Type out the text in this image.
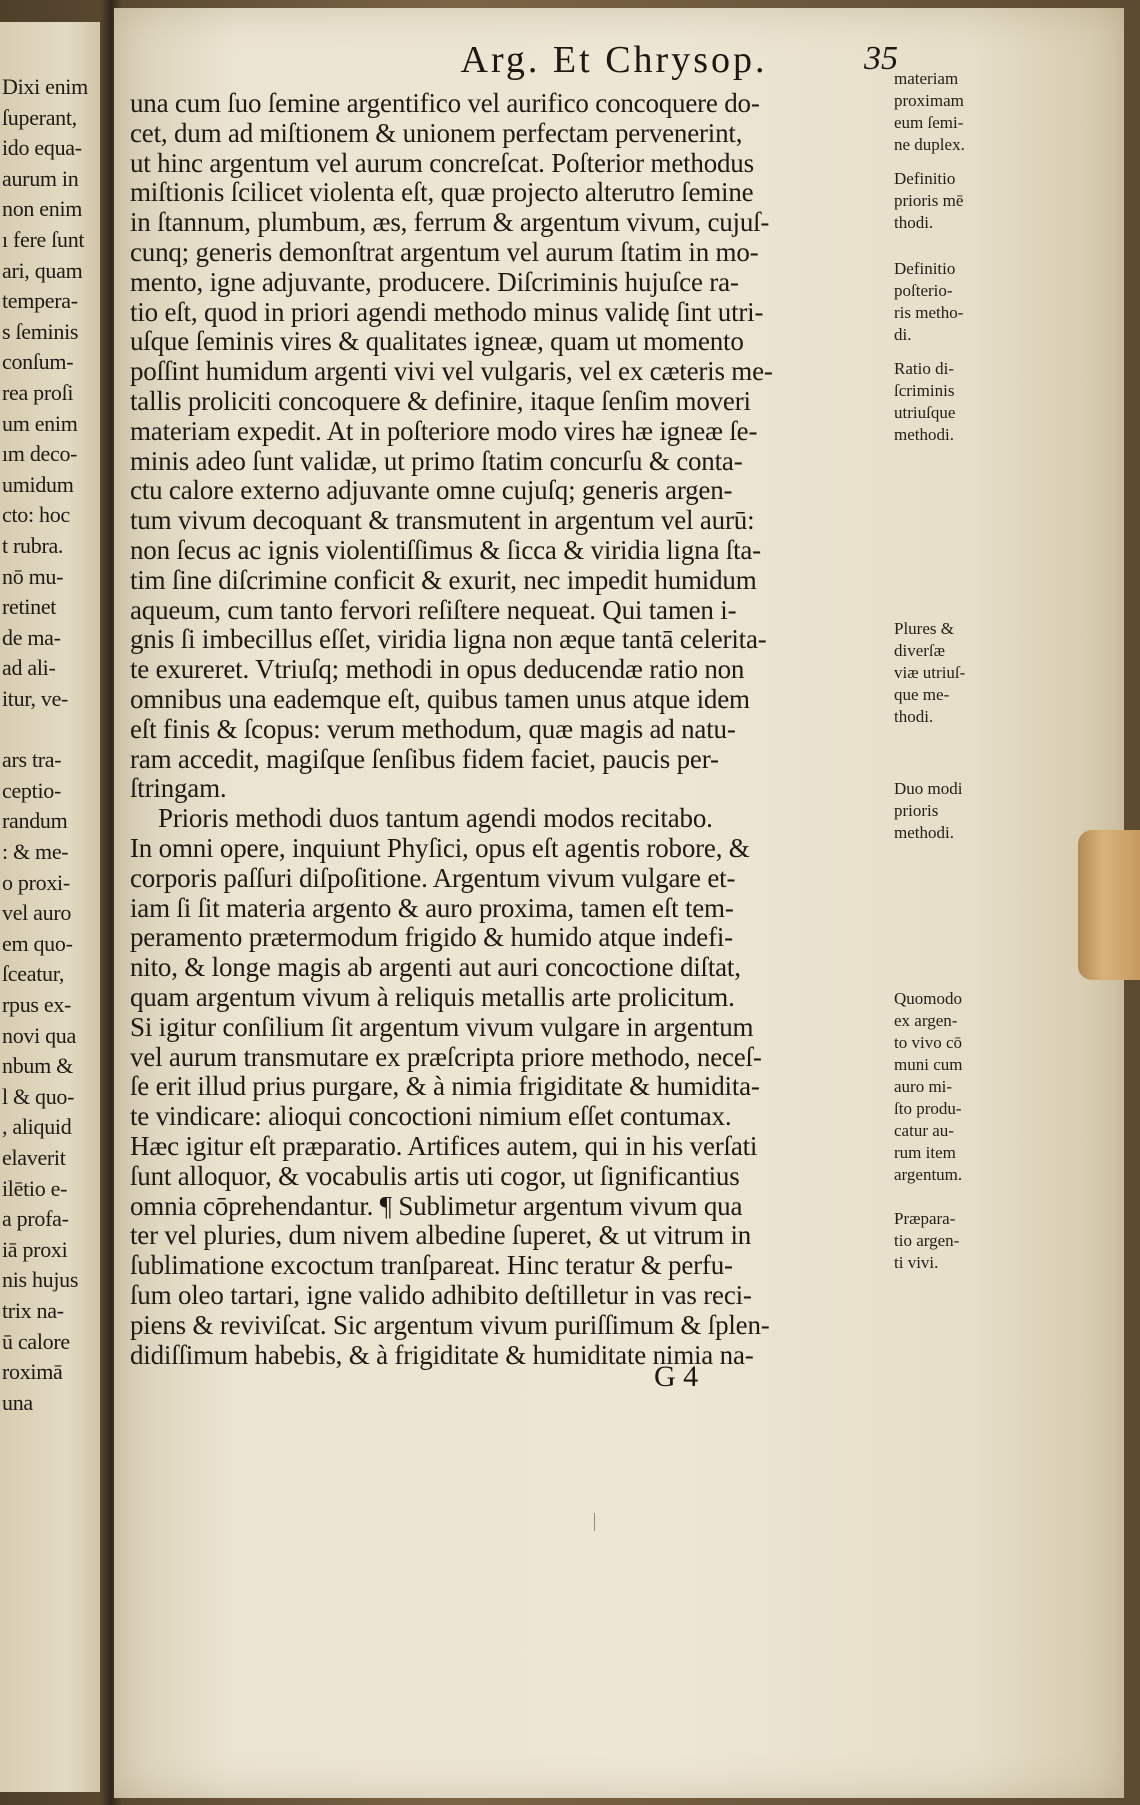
Dixi enim
ſuperant,
ido equa-
aurum in
non enim
ı fere ſunt
ari, quam
tempera-
s ſeminis
conſum-
rea proſi
um enim
ım deco-
umidum
cto: hoc
t rubra.
nō mu-
retinet
de ma-
ad ali-
itur, ve-
ars tra-
ceptio-
randum
: & me-
o proxi-
vel auro
em quo-
ſceatur,
rpus ex-
novi qua
nbum &
l & quo-
, aliquid
elaverit
ilētio e-
a profa-
iā proxi
nis hujus
trix na-
ū calore
roximā
una
Arg. Et Chrysop.	35
una cum ſuo ſemine argentifico vel aurifico concoquere do-
cet, dum ad miſtionem & unionem perfectam pervenerint,
ut hinc argentum vel aurum concreſcat. Poſterior methodus
miſtionis ſcilicet violenta eſt, quæ projecto alterutro ſemine
in ſtannum, plumbum, æs, ferrum & argentum vivum, cujuſ-
cunq; generis demonſtrat argentum vel aurum ſtatim in mo-
mento, igne adjuvante, producere. Diſcriminis hujuſce ra-
tio eſt, quod in priori agendi methodo minus validę ſint utri-
uſque ſeminis vires & qualitates igneæ, quam ut momento
poſſint humidum argenti vivi vel vulgaris, vel ex cæteris me-
tallis proliciti concoquere & definire, itaque ſenſim moveri
materiam expedit. At in poſteriore modo vires hæ igneæ ſe-
minis adeo ſunt validæ, ut primo ſtatim concurſu & conta-
ctu calore externo adjuvante omne cujuſq; generis argen-
tum vivum decoquant & transmutent in argentum vel aurū:
non ſecus ac ignis violentiſſimus & ſicca & viridia ligna ſta-
tim ſine diſcrimine conficit & exurit, nec impedit humidum
aqueum, cum tanto fervori reſiſtere nequeat. Qui tamen i-
gnis ſi imbecillus eſſet, viridia ligna non æque tantā celerita-
te exureret. Vtriuſq; methodi in opus deducendæ ratio non
omnibus una eademque eſt, quibus tamen unus atque idem
eſt finis & ſcopus: verum methodum, quæ magis ad natu-
ram accedit, magiſque ſenſibus fidem faciet, paucis per-
ſtringam.
Prioris methodi duos tantum agendi modos recitabo.
In omni opere, inquiunt Phyſici, opus eſt agentis robore, &
corporis paſſuri diſpoſitione. Argentum vivum vulgare et-
iam ſi ſit materia argento & auro proxima, tamen eſt tem-
peramento prætermodum frigido & humido atque indefi-
nito, & longe magis ab argenti aut auri concoctione diſtat,
quam argentum vivum à reliquis metallis arte prolicitum.
Si igitur conſilium ſit argentum vivum vulgare in argentum
vel aurum transmutare ex præſcripta priore methodo, neceſ-
ſe erit illud prius purgare, & à nimia frigiditate & humidita-
te vindicare: alioqui concoctioni nimium eſſet contumax.
Hæc igitur eſt præparatio. Artifices autem, qui in his verſati
ſunt alloquor, & vocabulis artis uti cogor, ut ſignificantius
omnia cōprehendantur. ¶ Sublimetur argentum vivum qua
ter vel pluries, dum nivem albedine ſuperet, & ut vitrum in
ſublimatione excoctum tranſpareat. Hinc teratur & perfu-
ſum oleo tartari, igne valido adhibito deſtilletur in vas reci-
piens & reviviſcat. Sic argentum vivum puriſſimum & ſplen-
didiſſimum habebis, & à frigiditate & humiditate nimia na-
materiam
proximam
eum ſemi-
ne duplex.
Definitio
prioris mē
thodi.
Definitio
poſterio-
ris metho-
di.
Ratio di-
ſcriminis
utriuſque
methodi.
Plures &
diverſæ
viæ utriuſ-
que me-
thodi.
Duo modi
prioris
methodi.
Quomodo
ex argen-
to vivo cō
muni cum
auro mi-
ſto produ-
catur au-
rum item
argentum.
Præpara-
tio argen-
ti vivi.
G 4
